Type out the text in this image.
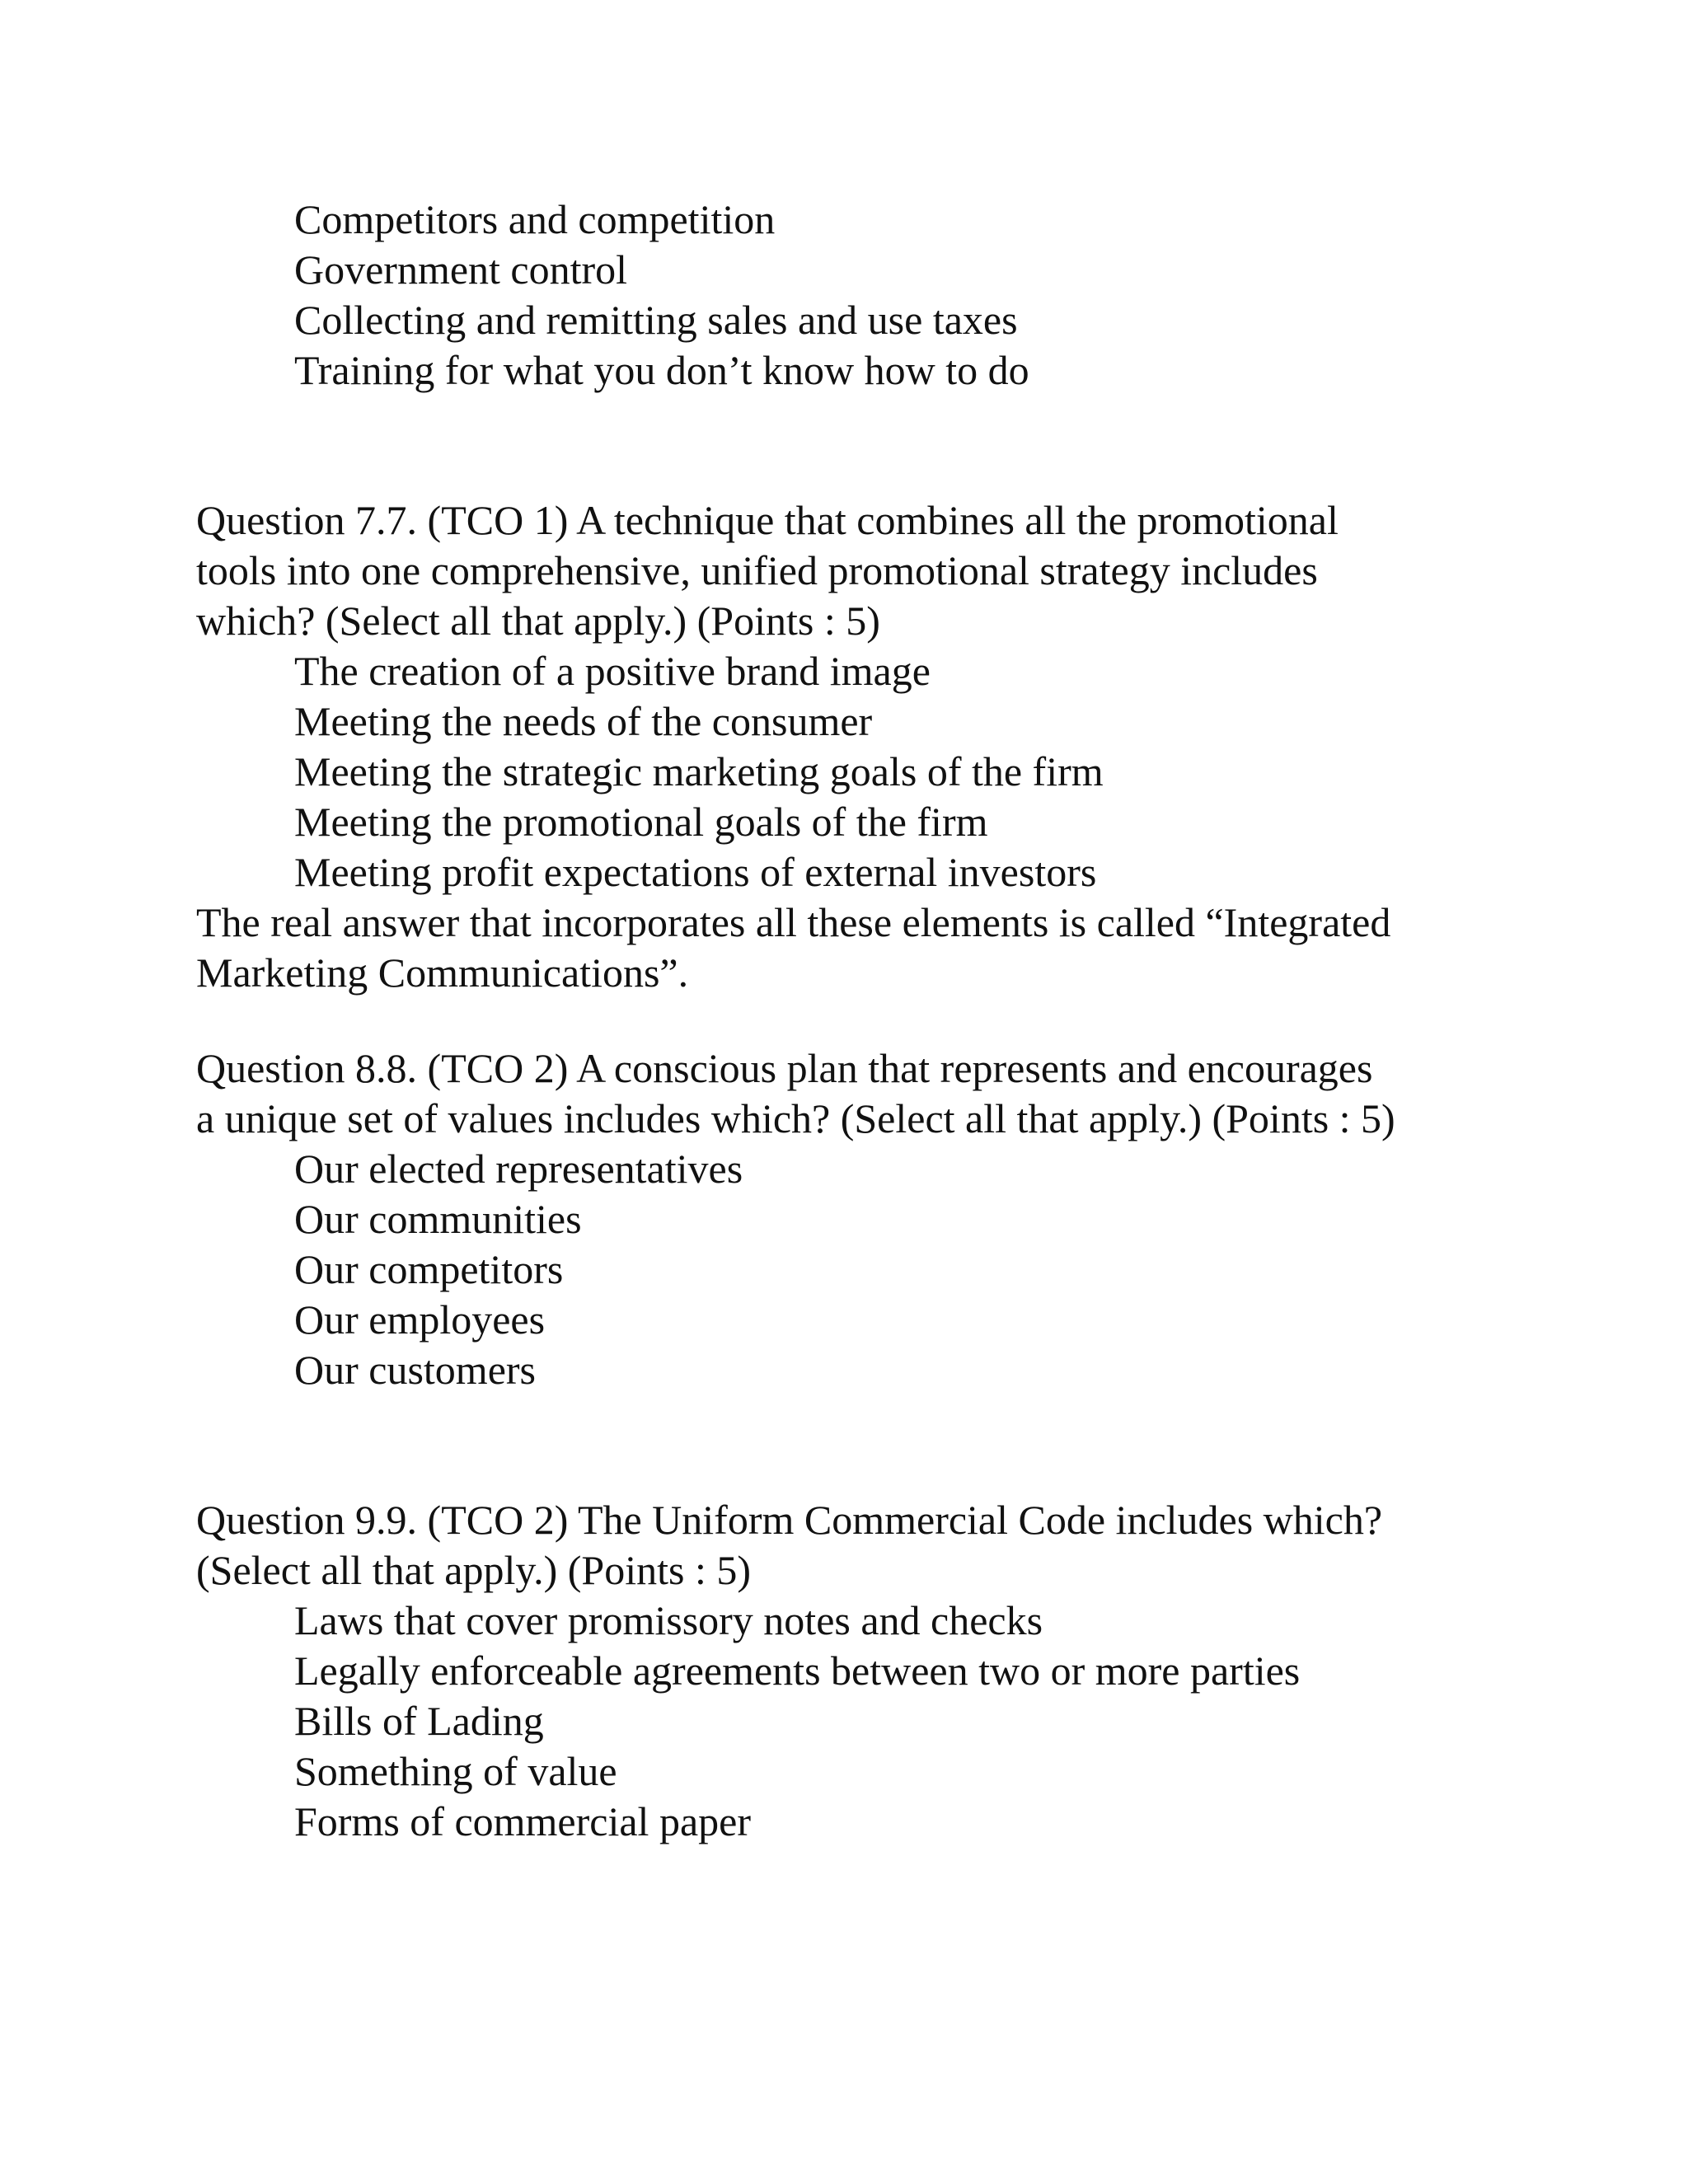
Competitors and competition
Government control
Collecting and remitting sales and use taxes
Training for what you don’t know how to do
Question 7.7. (TCO 1) A technique that combines all the promotional
tools into one comprehensive, unified promotional strategy includes
which? (Select all that apply.) (Points : 5)
The creation of a positive brand image
Meeting the needs of the consumer
Meeting the strategic marketing goals of the firm
Meeting the promotional goals of the firm
Meeting profit expectations of external investors
The real answer that incorporates all these elements is called “Integrated
Marketing Communications”.
Question 8.8. (TCO 2) A conscious plan that represents and encourages
a unique set of values includes which? (Select all that apply.) (Points : 5)
Our elected representatives
Our communities
Our competitors
Our employees
Our customers
Question 9.9. (TCO 2) The Uniform Commercial Code includes which?
(Select all that apply.) (Points : 5)
Laws that cover promissory notes and checks
Legally enforceable agreements between two or more parties
Bills of Lading
Something of value
Forms of commercial paper
